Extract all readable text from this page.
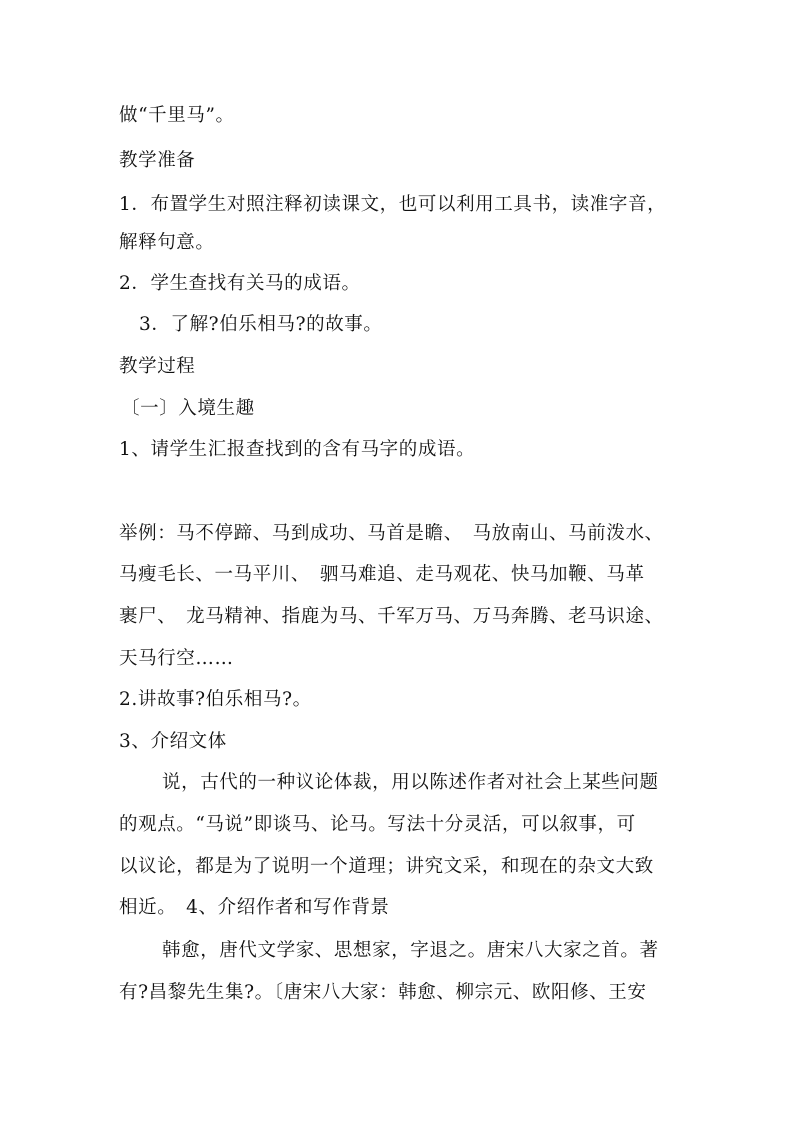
做“千里马”。
教学准备
1．布置学生对照注释初读课文，也可以利用工具书，读准字音，
解释句意。
2．学生查找有关马的成语。
3．了解?伯乐相马?的故事。
教学过程
〔一〕入境生趣
1、请学生汇报查找到的含有马字的成语。
举例：马不停蹄、马到成功、马首是瞻、　马放南山、马前泼水、
马瘦毛长、一马平川、　驷马难追、走马观花、快马加鞭、马革
裹尸、　龙马精神、指鹿为马、千军万马、万马奔腾、老马识途、
天马行空……
2.讲故事?伯乐相马?。
3、介绍文体
说，古代的一种议论体裁，用以陈述作者对社会上某些问题
的观点。“马说”即谈马、论马。写法十分灵活，可以叙事，可
以议论，都是为了说明一个道理；讲究文采，和现在的杂文大致
相近。　4、介绍作者和写作背景
韩愈，唐代文学家、思想家，字退之。唐宋八大家之首。著
有?昌黎先生集?。〔唐宋八大家：韩愈、柳宗元、欧阳修、王安
